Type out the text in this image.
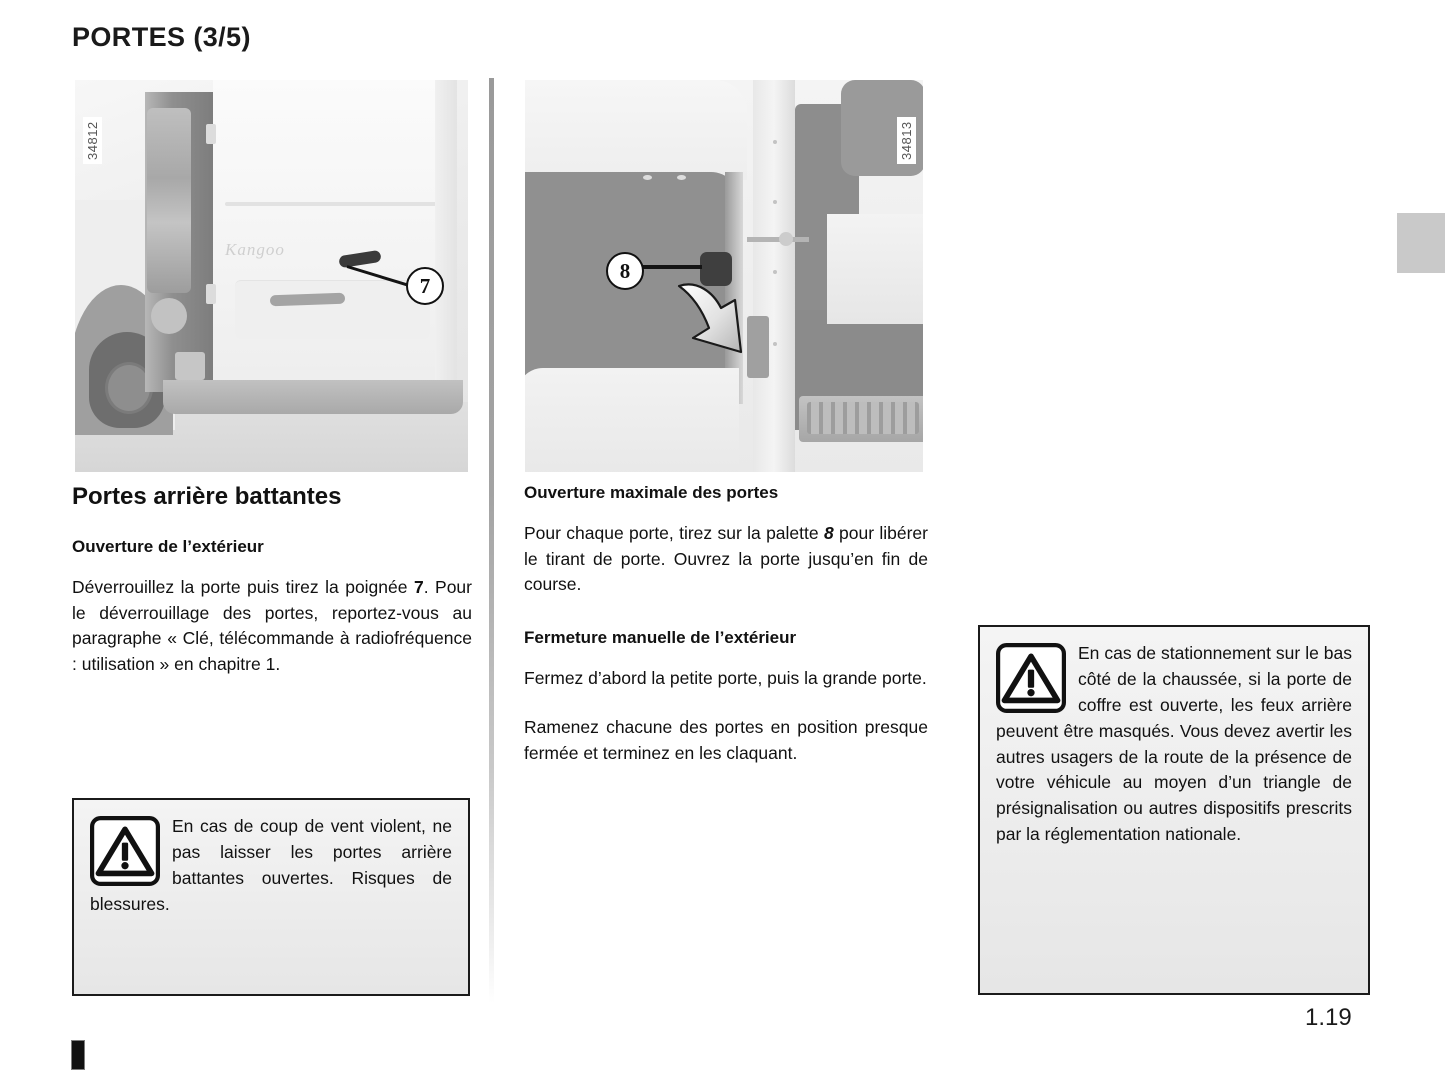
PORTES (3/5)
Kangoo
7
34812
8
34813
Portes arrière battantes
Ouverture de l’extérieur

Déverrouillez la porte puis tirez la poignée 7. Pour le déverrouillage des portes, reportez-vous au paragraphe « Clé, télécommande à radiofréquence : utilisation » en chapitre 1.

Ouverture maximale des portes

Pour chaque porte, tirez sur la palette 8 pour libérer le tirant de porte. Ouvrez la porte jusqu’en fin de course.

Fermeture manuelle de l’extérieur

Fermez d’abord la petite porte, puis la grande porte.

Ramenez chacune des portes en position presque fermée et terminez en les claquant.

En cas de coup de vent violent, ne pas laisser les portes arrière battantes ouvertes. Risques de blessures.
En cas de stationnement sur le bas côté de la chaussée, si la porte de coffre est ouverte, les feux arrière peuvent être masqués. Vous devez avertir les autres usagers de la route de la présence de votre véhicule au moyen d’un triangle de présignalisation ou autres dispositifs prescrits par la réglementation nationale.
1.19
